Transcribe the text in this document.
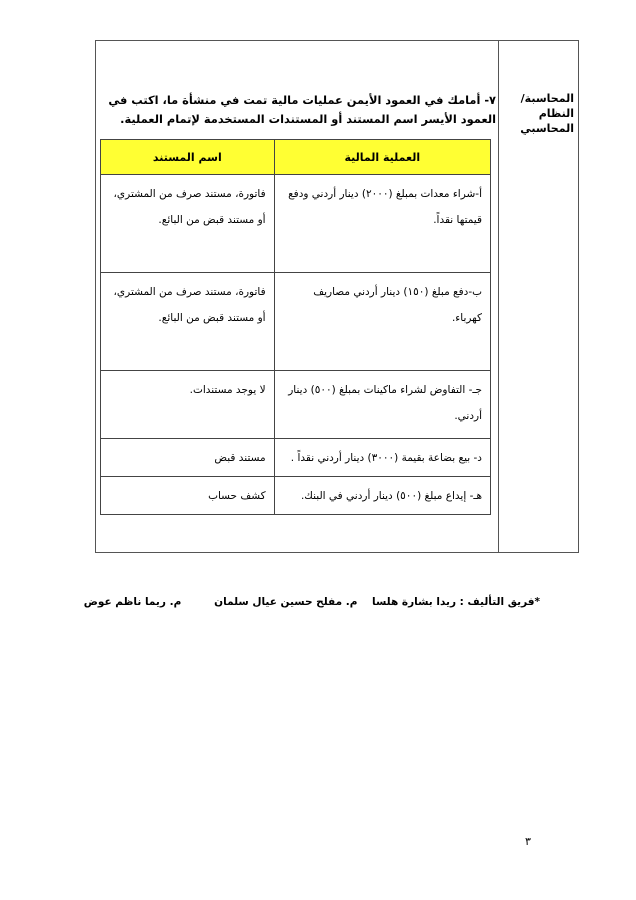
المحاسبة/
النظام
المحاسبي
٧- أمامك في العمود الأيمن عمليات مالية تمت في منشأة ما، اكتب في العمود الأيسر اسم المستند أو المستندات المستخدمة لإتمام العملية.
العملية المالية	اسم المستند
أ-شراء معدات بمبلغ (٢٠٠٠) دينار أردني ودفع قيمتها نقداً.	فاتورة، مستند صرف من المشتري، أو مستند قبض من البائع.
ب-دفع مبلغ (١٥٠) دينار أردني مصاريف كهرباء.	فاتورة، مستند صرف من المشتري، أو مستند قبض من البائع.
جـ- التفاوض لشراء ماكينات بمبلغ (٥٠٠) دينار أردني.	لا يوجد مستندات.
د- بيع بضاعة بقيمة (٣٠٠٠) دينار أردني نقداً .	مستند قبض
هـ- إيداع مبلغ (٥٠٠) دينار أردني في البنك.	كشف حساب
*فريق التأليف : ريدا بشارة هلسا    م. مفلح حسين عيال سلمان         م. ريما ناظم عوض
٣
